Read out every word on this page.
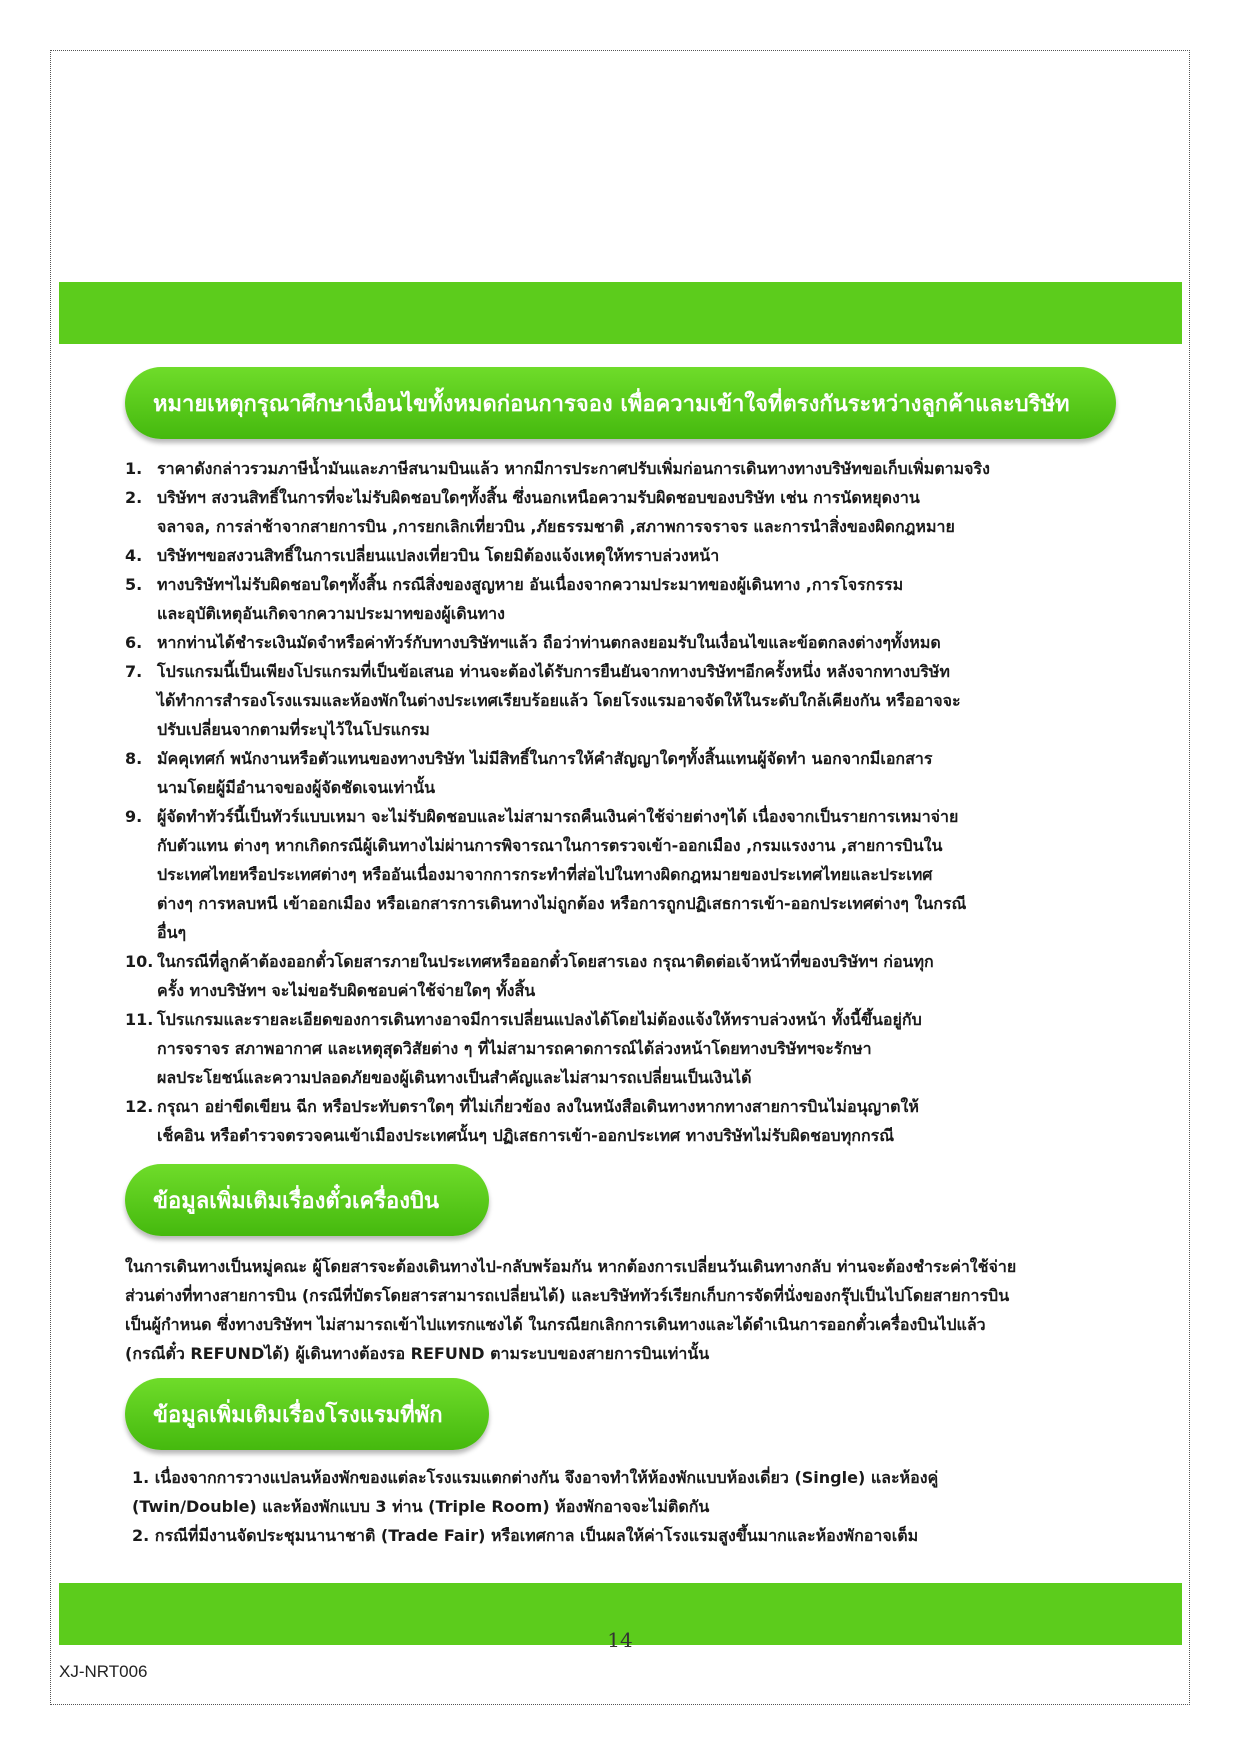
หมายเหตุกรุณาศึกษาเงื่อนไขทั้งหมดก่อนการจอง เพื่อความเข้าใจที่ตรงกันระหว่างลูกค้าและบริษัท
1. ราคาดังกล่าวรวมภาษีน้ำมันและภาษีสนามบินแล้ว หากมีการประกาศปรับเพิ่มก่อนการเดินทางทางบริษัทขอเก็บเพิ่มตามจริง
2. บริษัทฯ สงวนสิทธิ์ในการที่จะไม่รับผิดชอบใดๆทั้งสิ้น ซึ่งนอกเหนือความรับผิดชอบของบริษัท เช่น การนัดหยุดงาน
จลาจล, การล่าช้าจากสายการบิน ,การยกเลิกเที่ยวบิน ,ภัยธรรมชาติ ,สภาพการจราจร และการนำสิ่งของผิดกฎหมาย
4. บริษัทฯขอสงวนสิทธิ์ในการเปลี่ยนแปลงเที่ยวบิน โดยมิต้องแจ้งเหตุให้ทราบล่วงหน้า
5. ทางบริษัทฯไม่รับผิดชอบใดๆทั้งสิ้น กรณีสิ่งของสูญหาย อันเนื่องจากความประมาทของผู้เดินทาง ,การโจรกรรม
และอุบัติเหตุอันเกิดจากความประมาทของผู้เดินทาง
6. หากท่านได้ชำระเงินมัดจำหรือค่าทัวร์กับทางบริษัทฯแล้ว ถือว่าท่านตกลงยอมรับในเงื่อนไขและข้อตกลงต่างๆทั้งหมด
7. โปรแกรมนี้เป็นเพียงโปรแกรมที่เป็นข้อเสนอ ท่านจะต้องได้รับการยืนยันจากทางบริษัทฯอีกครั้งหนึ่ง หลังจากทางบริษัท
ได้ทำการสำรองโรงแรมและห้องพักในต่างประเทศเรียบร้อยแล้ว โดยโรงแรมอาจจัดให้ในระดับใกล้เคียงกัน หรืออาจจะ
ปรับเปลี่ยนจากตามที่ระบุไว้ในโปรแกรม
8. มัคคุเทศก์ พนักงานหรือตัวแทนของทางบริษัท ไม่มีสิทธิ์ในการให้คำสัญญาใดๆทั้งสิ้นแทนผู้จัดทำ นอกจากมีเอกสาร
นามโดยผู้มีอำนาจของผู้จัดชัดเจนเท่านั้น
9. ผู้จัดทำทัวร์นี้เป็นทัวร์แบบเหมา จะไม่รับผิดชอบและไม่สามารถคืนเงินค่าใช้จ่ายต่างๆได้ เนื่องจากเป็นรายการเหมาจ่าย
กับตัวแทน ต่างๆ หากเกิดกรณีผู้เดินทางไม่ผ่านการพิจารณาในการตรวจเข้า-ออกเมือง ,กรมแรงงาน ,สายการบินใน
ประเทศไทยหรือประเทศต่างๆ หรืออันเนื่องมาจากการกระทำที่ส่อไปในทางผิดกฎหมายของประเทศไทยและประเทศ
ต่างๆ การหลบหนี เข้าออกเมือง หรือเอกสารการเดินทางไม่ถูกต้อง หรือการถูกปฏิเสธการเข้า-ออกประเทศต่างๆ ในกรณี
อื่นๆ
10. ในกรณีที่ลูกค้าต้องออกตั๋วโดยสารภายในประเทศหรือออกตั๋วโดยสารเอง กรุณาติดต่อเจ้าหน้าที่ของบริษัทฯ ก่อนทุก
ครั้ง ทางบริษัทฯ จะไม่ขอรับผิดชอบค่าใช้จ่ายใดๆ ทั้งสิ้น
11. โปรแกรมและรายละเอียดของการเดินทางอาจมีการเปลี่ยนแปลงได้โดยไม่ต้องแจ้งให้ทราบล่วงหน้า ทั้งนี้ขึ้นอยู่กับ
การจราจร สภาพอากาศ และเหตุสุดวิสัยต่าง ๆ ที่ไม่สามารถคาดการณ์ได้ล่วงหน้าโดยทางบริษัทฯจะรักษา
ผลประโยชน์และความปลอดภัยของผู้เดินทางเป็นสำคัญและไม่สามารถเปลี่ยนเป็นเงินได้
12. กรุณา อย่าขีดเขียน ฉีก หรือประทับตราใดๆ ที่ไม่เกี่ยวข้อง ลงในหนังสือเดินทางหากทางสายการบินไม่อนุญาตให้
เช็คอิน หรือตำรวจตรวจคนเข้าเมืองประเทศนั้นๆ ปฏิเสธการเข้า-ออกประเทศ ทางบริษัทไม่รับผิดชอบทุกกรณี
ข้อมูลเพิ่มเติมเรื่องตั๋วเครื่องบิน

ในการเดินทางเป็นหมู่คณะ ผู้โดยสารจะต้องเดินทางไป-กลับพร้อมกัน หากต้องการเปลี่ยนวันเดินทางกลับ ท่านจะต้องชำระค่าใช้จ่าย
ส่วนต่างที่ทางสายการบิน (กรณีที่บัตรโดยสารสามารถเปลี่ยนได้) และบริษัททัวร์เรียกเก็บการจัดที่นั่งของกรุ๊ปเป็นไปโดยสายการบิน
เป็นผู้กำหนด ซึ่งทางบริษัทฯ ไม่สามารถเข้าไปแทรกแซงได้ ในกรณียกเลิกการเดินทางและได้ดำเนินการออกตั๋วเครื่องบินไปแล้ว
(กรณีตั๋ว REFUNDได้) ผู้เดินทางต้องรอ REFUND ตามระบบของสายการบินเท่านั้น

ข้อมูลเพิ่มเติมเรื่องโรงแรมที่พัก

1. เนื่องจากการวางแปลนห้องพักของแต่ละโรงแรมแตกต่างกัน จึงอาจทำให้ห้องพักแบบห้องเดี่ยว (Single) และห้องคู่
(Twin/Double) และห้องพักแบบ 3 ท่าน (Triple Room) ห้องพักอาจจะไม่ติดกัน
2. กรณีที่มีงานจัดประชุมนานาชาติ (Trade Fair) หรือเทศกาล เป็นผลให้ค่าโรงแรมสูงขึ้นมากและห้องพักอาจเต็ม

14
XJ-NRT006
